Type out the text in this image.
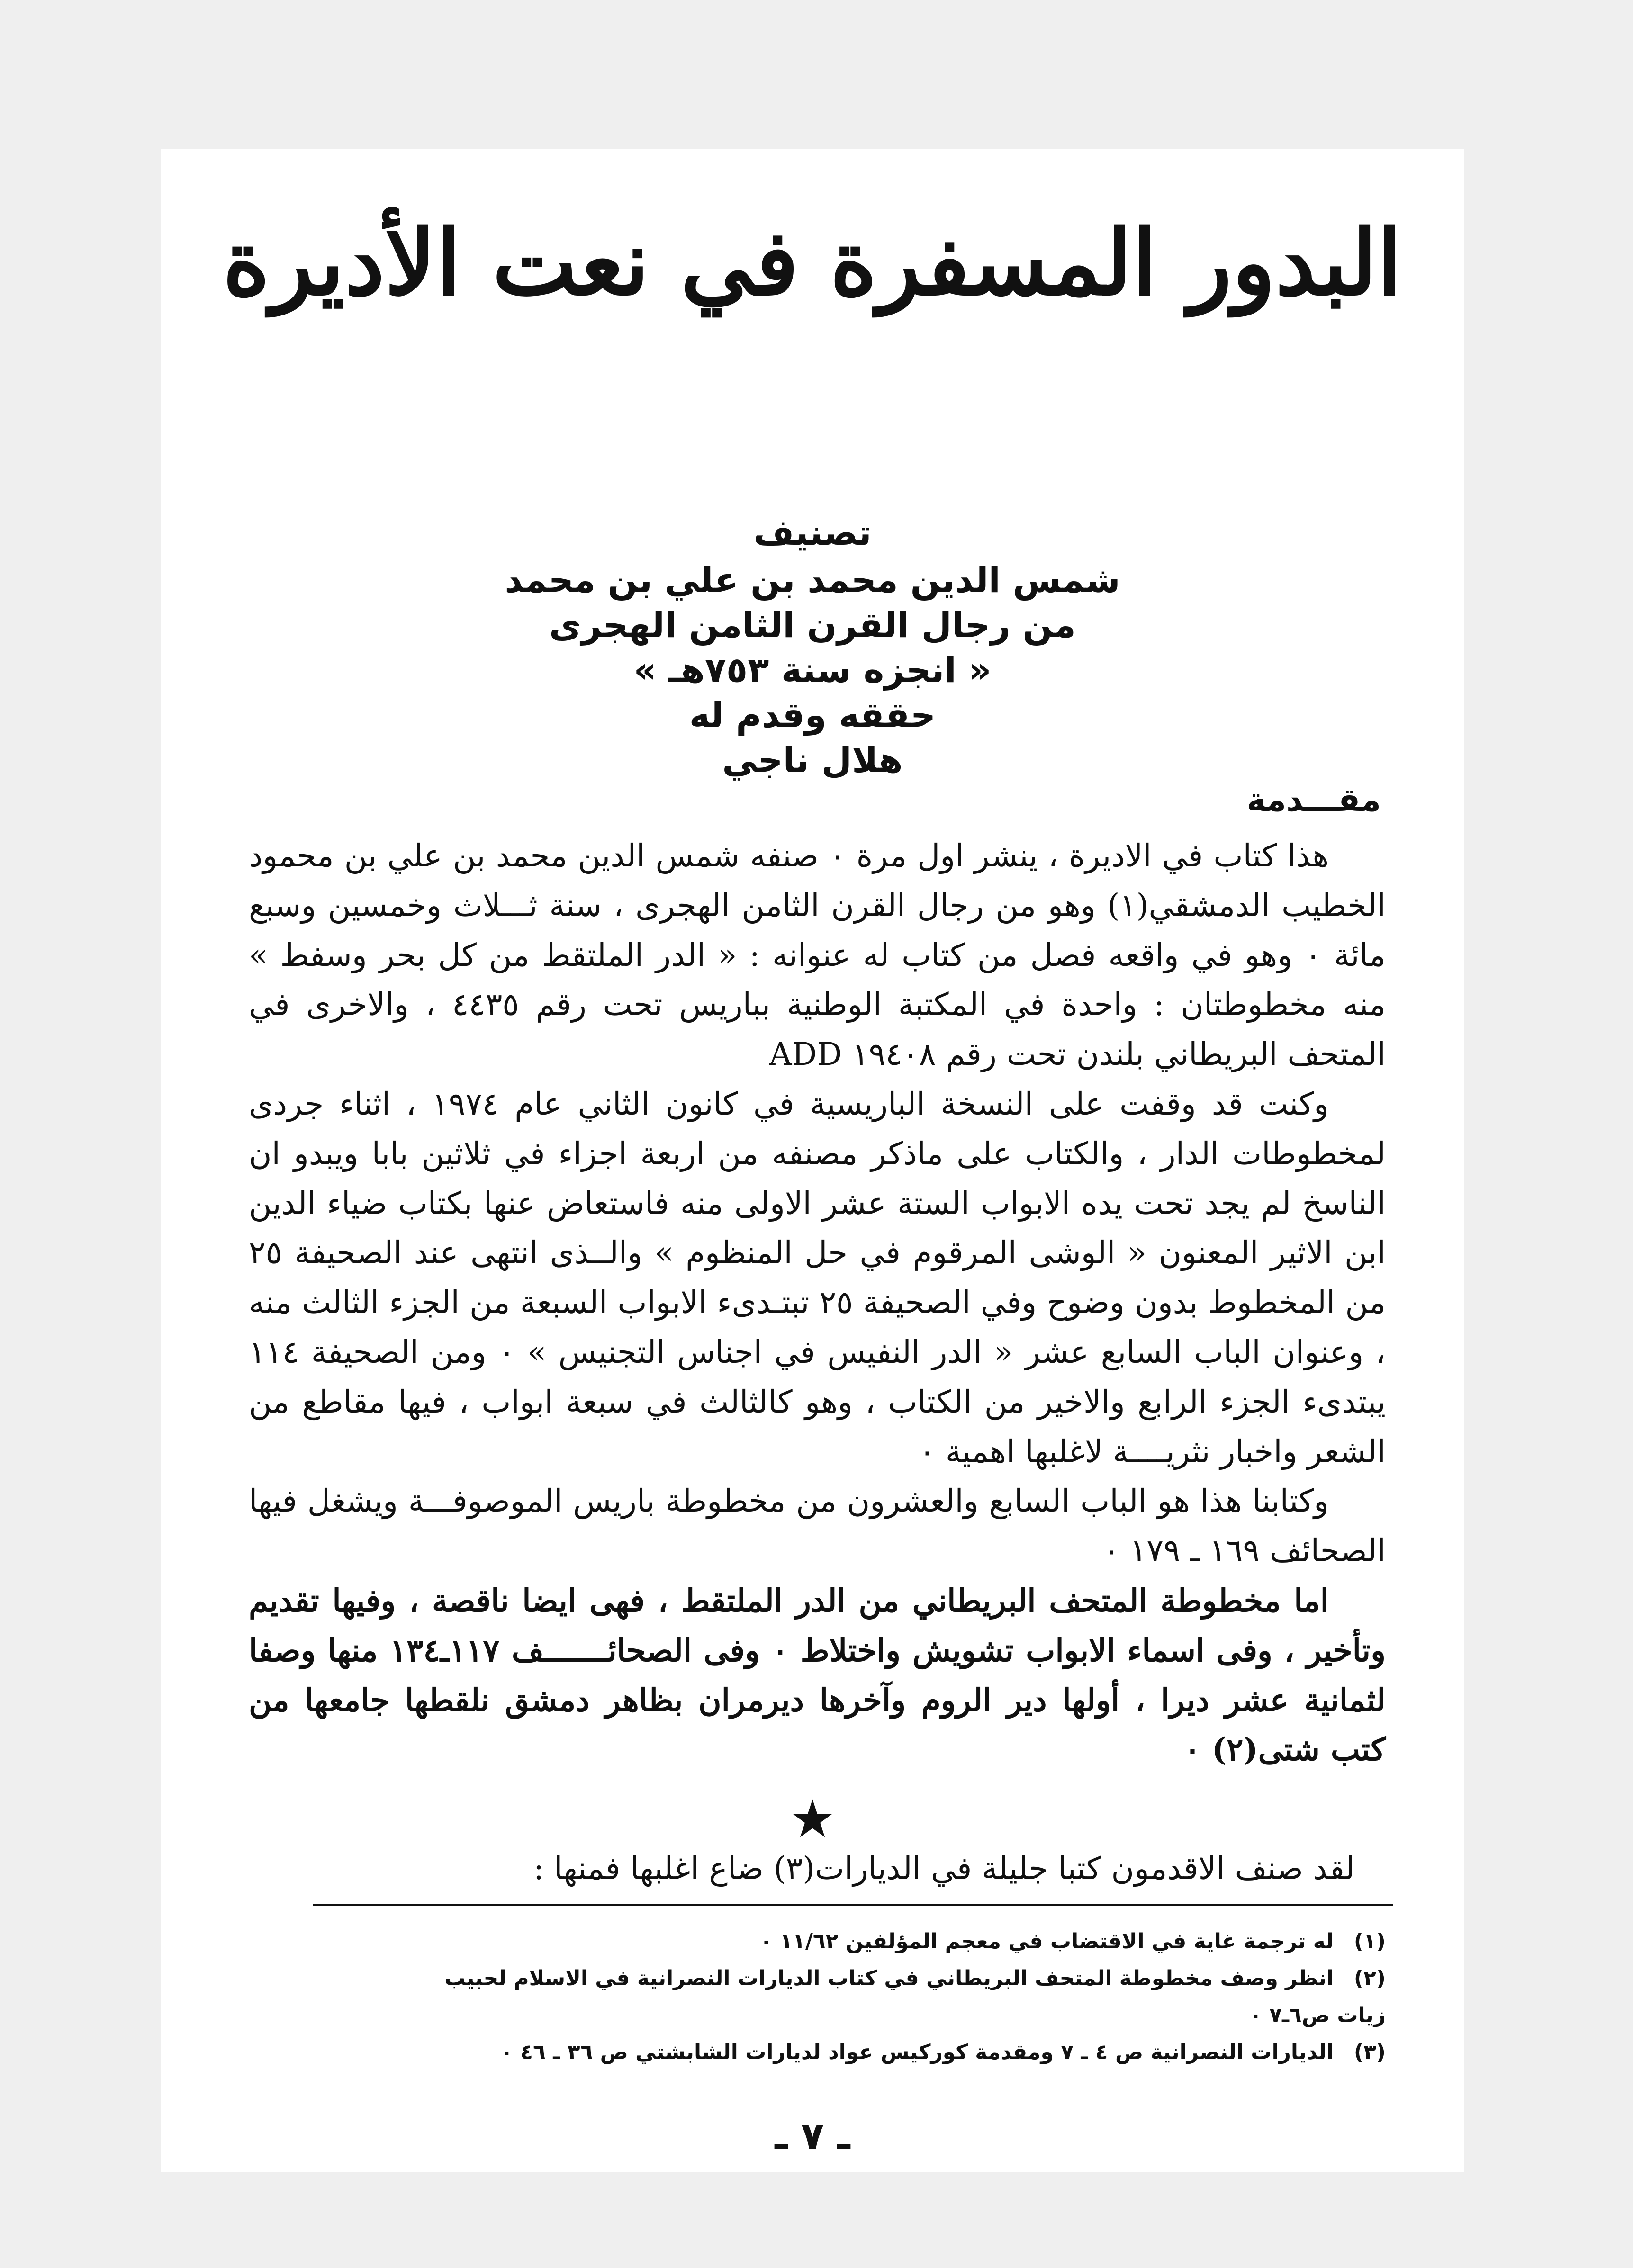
البدور المسفرة في نعت الأديرة
تصنيف
شمس الدين محمد بن علي بن محمد
من رجال القرن الثامن الهجرى
« انجزه سنة ٧٥٣هـ »
حققه وقدم له
هلال ناجي
مقـــدمة

هذا كتاب في الاديرة ، ينشر اول مرة ٠ صنفه شمس الدين محمد بن علي بن محمود الخطيب الدمشقي(١) وهو من رجال القرن الثامن الهجرى ، سنة ثـــلاث وخمسين وسبع مائة ٠ وهو في واقعه فصل من كتاب له عنوانه : « الدر الملتقط من كل بحر وسفط » منه مخطوطتان : واحدة في المكتبة الوطنية بباريس تحت رقم ٤٤٣٥ ، والاخرى في المتحف البريطاني بلندن تحت رقم ١٩٤٠٨ ADD

وكنت قد وقفت على النسخة الباريسية في كانون الثاني عام ١٩٧٤ ، اثناء جردى لمخطوطات الدار ، والكتاب على ماذكر مصنفه من اربعة اجزاء في ثلاثين بابا ويبدو ان الناسخ لم يجد تحت يده الابواب الستة عشر الاولى منه فاستعاض عنها بكتاب ضياء الدين ابن الاثير المعنون « الوشى المرقوم في حل المنظوم » والــذى انتهى عند الصحيفة ٢٥ من المخطوط بدون وضوح وفي الصحيفة ٢٥ تبتـدىء الابواب السبعة من الجزء الثالث منه ، وعنوان الباب السابع عشر « الدر النفيس في اجناس التجنيس » ٠ ومن الصحيفة ١١٤ يبتدىء الجزء الرابع والاخير من الكتاب ، وهو كالثالث في سبعة ابواب ، فيها مقاطع من الشعر واخبار نثريــــة لاغلبها اهمية ٠

وكتابنا هذا هو الباب السابع والعشرون من مخطوطة باريس الموصوفـــة ويشغل فيها الصحائف ١٦٩ ـ ١٧٩ ٠

اما مخطوطة المتحف البريطاني من الدر الملتقط ، فهى ايضا ناقصة ، وفيها تقديم وتأخير ، وفى اسماء الابواب تشويش واختلاط ٠ وفى الصحائـــــــف ١١٧ـ١٣٤ منها وصفا لثمانية عشر ديرا ، أولها دير الروم وآخرها ديرمران بظاهر دمشق نلقطها جامعها من كتب شتى(٢) ٠

★
لقد صنف الاقدمون كتبا جليلة في الديارات(٣) ضاع اغلبها فمنها :
(١)
له ترجمة غاية في الاقتضاب في معجم المؤلفين ١١/٦٢ ٠
(٢)
انظر وصف مخطوطة المتحف البريطاني في كتاب الديارات النصرانية في الاسلام لحبيب
زيات ص٦ـ٧ ٠
(٣)
الديارات النصرانية ص ٤ ـ ٧ ومقدمة كوركيس عواد لديارات الشابشتي ص ٣٦ ـ ٤٦ ٠
ـ ٧ ـ
